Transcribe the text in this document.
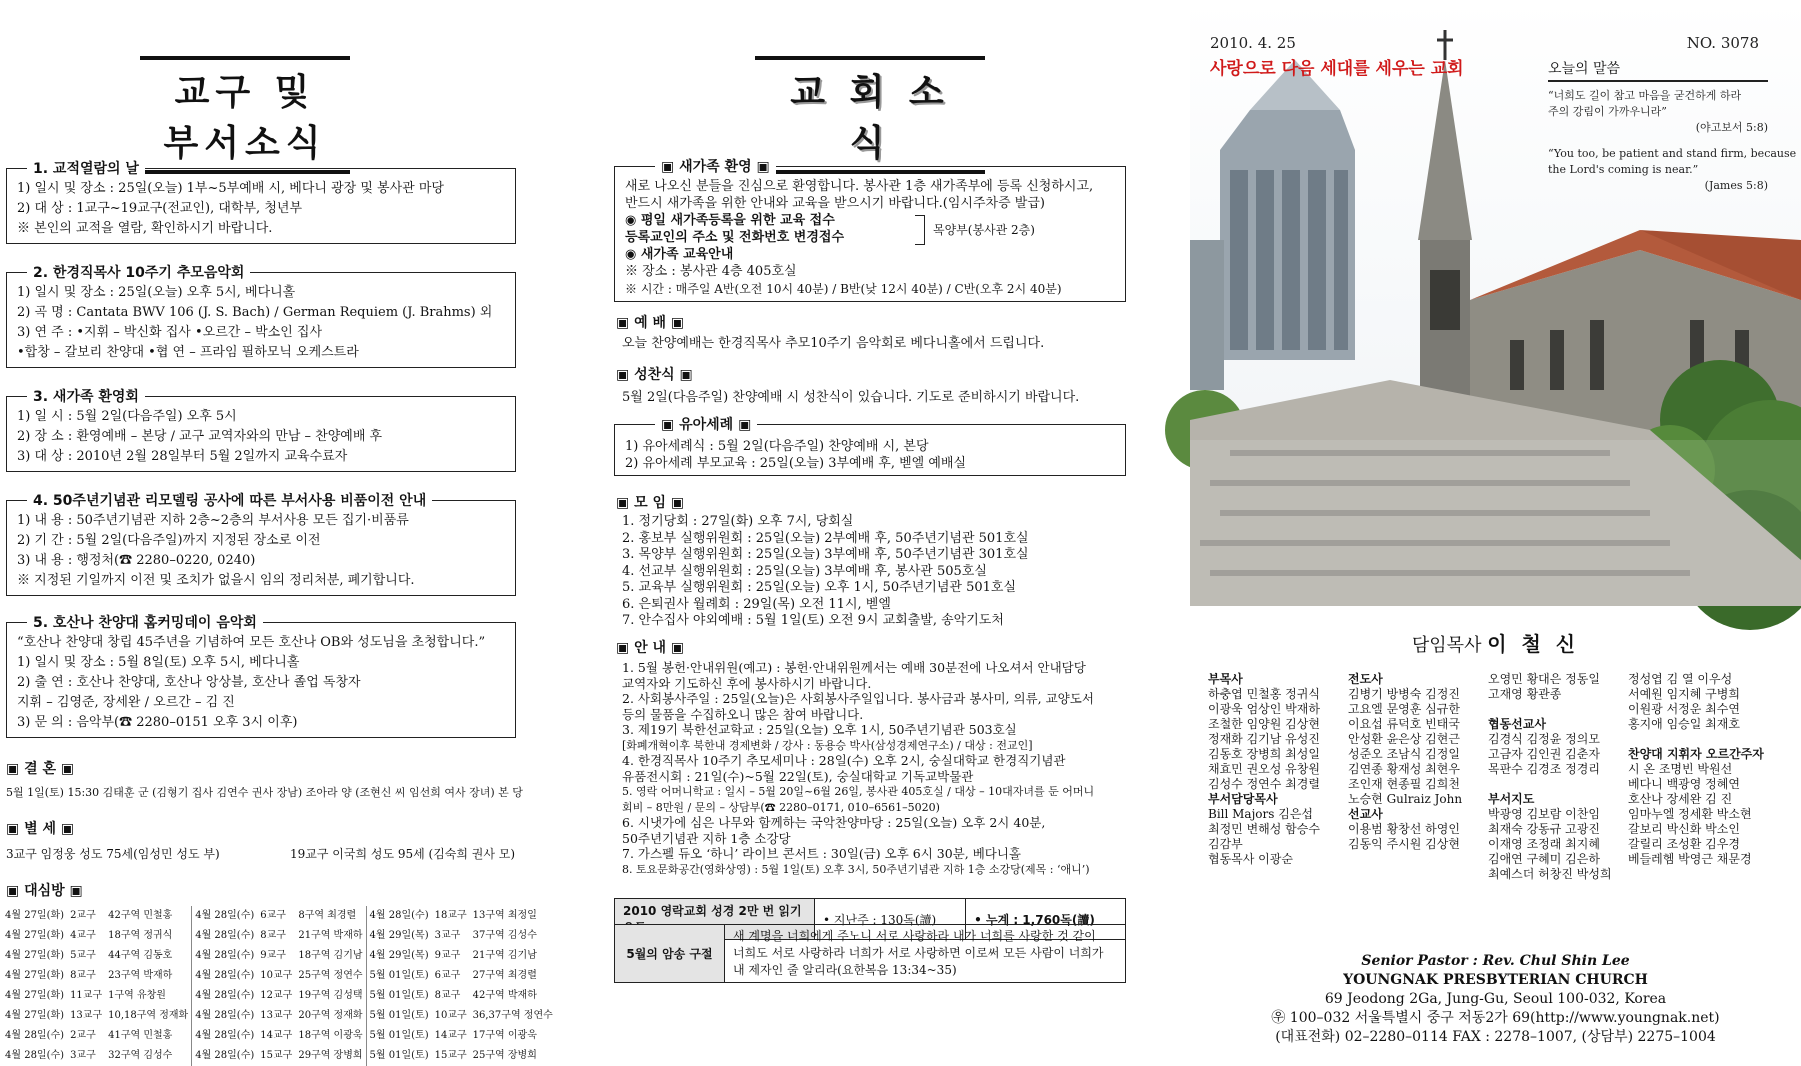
교구 및 부서소식
1. 교적열람의 날
1) 일시 및 장소 : 25일(오늘) 1부~5부예배 시, 베다니 광장 및 봉사관 마당
2) 대 상 : 1교구~19교구(전교인), 대학부, 청년부
※ 본인의 교적을 열람, 확인하시기 바랍니다.
2. 한경직목사 10주기 추모음악회
1) 일시 및 장소 : 25일(오늘) 오후 5시, 베다니홀
2) 곡 명 : Cantata BWV 106 (J. S. Bach) / German Requiem (J. Brahms) 외
3) 연 주 : •지휘 – 박신화 집사 •오르간 – 박소인 집사
•합창 – 갈보리 찬양대 •협 연 – 프라임 필하모닉 오케스트라
3. 새가족 환영회
1) 일 시 : 5월 2일(다음주일) 오후 5시
2) 장 소 : 환영예배 – 본당 / 교구 교역자와의 만남 – 찬양예배 후
3) 대 상 : 2010년 2월 28일부터 5월 2일까지 교육수료자
4. 50주년기념관 리모델링 공사에 따른 부서사용 비품이전 안내
1) 내 용 : 50주년기념관 지하 2층~2층의 부서사용 모든 집기·비품류
2) 기 간 : 5월 2일(다음주일)까지 지정된 장소로 이전
3) 내 용 : 행정처(☎ 2280–0220, 0240)
※ 지정된 기일까지 이전 및 조치가 없을시 임의 정리처분, 폐기합니다.
5. 호산나 찬양대 홈커밍데이 음악회
“호산나 찬양대 창립 45주년을 기념하여 모든 호산나 OB와 성도님을 초청합니다.”
1) 일시 및 장소 : 5월 8일(토) 오후 5시, 베다니홀
2) 출 연 : 호산나 찬양대, 호산나 앙상블, 호산나 졸업 독창자
지휘 – 김영준, 장세완 / 오르간 – 김 진
3) 문 의 : 음악부(☎ 2280–0151 오후 3시 이후)
▣ 결 혼 ▣
5월 1일(토) 15:30 김태훈 군 (김형기 집사 김연수 권사 장남) 조아라 양 (조현신 씨 임선희 여사 장녀) 본 당
▣ 별 세 ▣
3교구 임정웅 성도 75세(임성민 성도 부)	19교구 이국희 성도 95세 (김숙희 권사 모)
▣ 대심방 ▣
4월 27일(화)	2교구	42구역 민철홍	4월 28일(수)	6교구	8구역 최경렬	4월 28일(수)	18교구	13구역 최정일
4월 27일(화)	4교구	18구역 정귀식	4월 28일(수)	8교구	21구역 박재하	4월 29일(목)	3교구	37구역 김성수
4월 27일(화)	5교구	44구역 김동호	4월 28일(수)	9교구	18구역 김기남	4월 29일(목)	9교구	21구역 김기남
4월 27일(화)	8교구	23구역 박재하	4월 28일(수)	10교구	25구역 정연수	5월 01일(토)	6교구	27구역 최경렬
4월 27일(화)	11교구	1구역 유창원	4월 28일(수)	12교구	19구역 김성택	5월 01일(토)	8교구	42구역 박재하
4월 27일(화)	13교구	10,18구역 정재화	4월 28일(수)	13교구	20구역 정재화	5월 01일(토)	10교구	36,37구역 정연수
4월 28일(수)	2교구	41구역 민철홍	4월 28일(수)	14교구	18구역 이광욱	5월 01일(토)	14교구	17구역 이광욱
4월 28일(수)	3교구	32구역 김성수	4월 28일(수)	15교구	29구역 장병희	5월 01일(토)	15교구	25구역 장병희
교 회 소 식
▣ 새가족 환영 ▣
새로 나오신 분들을 진심으로 환영합니다. 봉사관 1층 새가족부에 등록 신청하시고,
반드시 새가족을 위한 안내와 교육을 받으시기 바랍니다.(임시주차증 발급)
◉ 평일 새가족등록을 위한 교육 접수
등록교인의 주소 및 전화번호 변경접수
◉ 새가족 교육안내
※ 장소 : 봉사관 4층 405호실
※ 시간 : 매주일 A반(오전 10시 40분) / B반(낮 12시 40분) / C반(오후 2시 40분)
목양부(봉사관 2층)
▣ 예 배 ▣
오늘 찬양예배는 한경직목사 추모10주기 음악회로 베다니홀에서 드립니다.
▣ 성찬식 ▣
5월 2일(다음주일) 찬양예배 시 성찬식이 있습니다. 기도로 준비하시기 바랍니다.
▣ 유아세례 ▣
1) 유아세례식 : 5월 2일(다음주일) 찬양예배 시, 본당
2) 유아세례 부모교육 : 25일(오늘) 3부예배 후, 벧엘 예배실
▣ 모 임 ▣
1. 정기당회 : 27일(화) 오후 7시, 당회실
2. 홍보부 실행위원회 : 25일(오늘) 2부예배 후, 50주년기념관 501호실
3. 목양부 실행위원회 : 25일(오늘) 3부예배 후, 50주년기념관 301호실
4. 선교부 실행위원회 : 25일(오늘) 3부예배 후, 봉사관 505호실
5. 교육부 실행위원회 : 25일(오늘) 오후 1시, 50주년기념관 501호실
6. 은퇴권사 월례회 : 29일(목) 오전 11시, 벧엘
7. 안수집사 야외예배 : 5월 1일(토) 오전 9시 교회출발, 송악기도처
▣ 안 내 ▣
1. 5월 봉헌·안내위원(예고) : 봉헌·안내위원께서는 예배 30분전에 나오셔서 안내담당
교역자와 기도하신 후에 봉사하시기 바랍니다.
2. 사회봉사주일 : 25일(오늘)은 사회봉사주일입니다. 봉사금과 봉사미, 의류, 교양도서
등의 물품을 수집하오니 많은 참여 바랍니다.
3. 제19기 북한선교학교 : 25일(오늘) 오후 1시, 50주년기념관 503호실
[화폐개혁이후 북한내 경제변화 / 강사 : 동용승 박사(삼성경제연구소) / 대상 : 전교인]
4. 한경직목사 10주기 추모세미나 : 28일(수) 오후 2시, 숭실대학교 한경직기념관
유품전시회 : 21일(수)~5월 22일(토), 숭실대학교 기독교박물관
5. 영락 어머니학교 : 일시 – 5월 20일~6월 26일, 봉사관 405호실 / 대상 – 10대자녀를 둔 어머니
회비 – 8만원 / 문의 – 상담부(☎ 2280–0171, 010–6561–5020)
6. 시냇가에 심은 나무와 함께하는 국악찬양마당 : 25일(오늘) 오후 2시 40분,
50주년기념관 지하 1층 소강당
7. 가스펠 듀오 ‘하니’ 라이브 콘서트 : 30일(금) 오후 6시 30분, 베다니홀
8. 토요문화공간(영화상영) : 5월 1일(토) 오후 3시, 50주년기념관 지하 1층 소강당(제목 : ‘애니’)
2010 영락교회 성경 2만 번 읽기	• 지난주 : 130독(讀)	• 누계 : 1,760독(讀)
5월의 암송 구절	
새 계명을 너희에게 주노니 서로 사랑하라 내가 너희를 사랑한 것 같이
너희도 서로 사랑하라 너희가 서로 사랑하면 이로써 모든 사람이 너희가
내 제자인 줄 알리라(요한복음 13:34~35)
2010. 4. 25	NO. 3078
사랑으로 다음 세대를 세우는 교회	오늘의 말씀
“너희도 길이 참고 마음을 굳건하게 하라
주의 강림이 가까우니라”
(야고보서 5:8)
“You too, be patient and stand firm, because
the Lord's coming is near.”
(James 5:8)
담임목사 이 철 신
부목사
하충엽 민철홍 정귀식
이광욱 엄상인 박재하
조철한 임양원 김상현
정재화 김기남 유성진
김동호 장병희 최성일
채효민 권오성 유창원
김성수 정연수 최경렬
부서담당목사
Bill Majors 김은섭
최정민 변해성 함승수
김감부
협동목사 이광순
전도사
김병기 방병숙 김정진
고요엘 문영훈 심규한
이요섭 류덕호 빈태국
안성환 윤은상 김현근
성준오 조남식 김정일
김연종 황재성 최현우
조인재 현종필 김희천
노승현 Gulraiz John
선교사
이용범 황창선 하영인
김동익 주시원 김상현
오영민 황대은 정동일
고재영 황관종

협동선교사
김경식 김정윤 정의모
고금자 김인권 김춘자
목판수 김경조 정경리

부서지도
박광영 김보람 이찬임
최재숙 강동규 고광진
이재영 조정래 최지혜
김애연 구혜미 김은하
최예스더 허창진 박성희
정성엽 김 열 이우성
서예원 임지혜 구병희
이원광 서정운 최수연
홍지애 임승일 최재호

찬양대 지휘자 오르간주자
시 온 조명빈 박원선
베다니 백광영 정혜연
호산나 장세완 김 진
임마누엘 정세환 박소현
갈보리 박신화 박소인
갈릴리 조성환 김우경
베들레헴 박영근 채문경
Senior Pastor : Rev. Chul Shin Lee
YOUNGNAK PRESBYTERIAN CHURCH
69 Jeodong 2Ga, Jung-Gu, Seoul 100-032, Korea
㉾ 100–032 서울특별시 중구 저동2가 69(http://www.youngnak.net)
(대표전화) 02–2280–0114 FAX : 2278–1007, (상담부) 2275–1004
